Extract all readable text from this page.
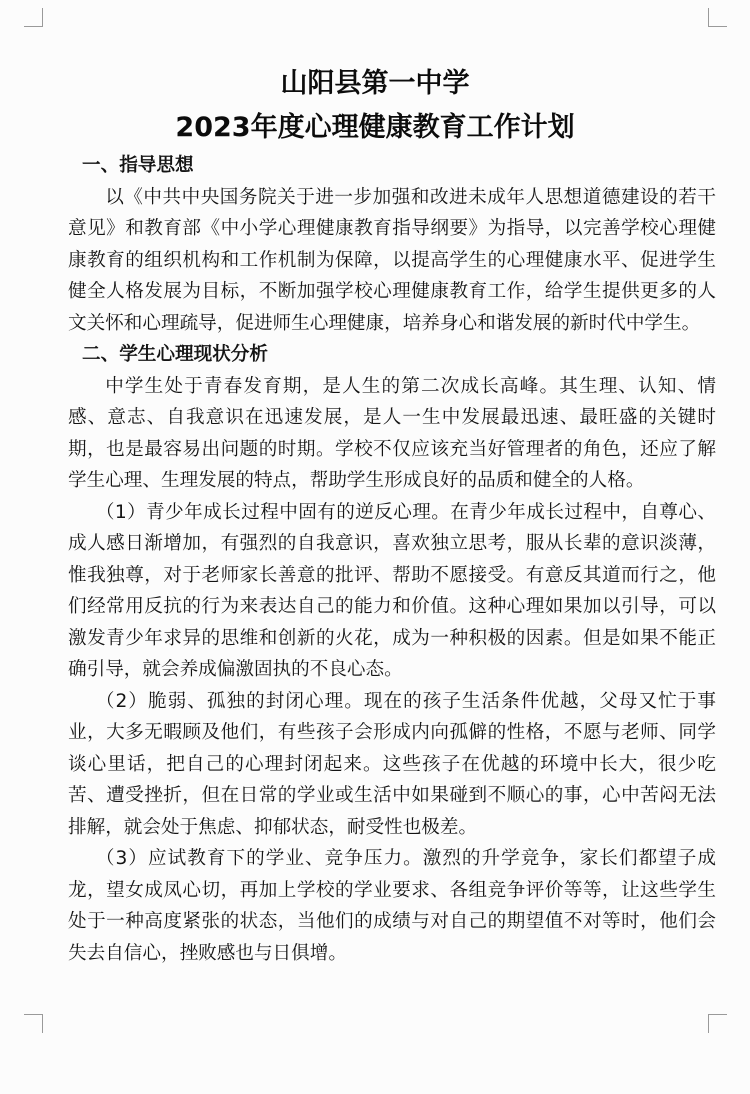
山阳县第一中学
2023年度心理健康教育工作计划

一、指导思想

以《中共中央国务院关于进一步加强和改进未成年人思想道德建设的若干意见》和教育部《中小学心理健康教育指导纲要》为指导，以完善学校心理健康教育的组织机构和工作机制为保障，以提高学生的心理健康水平、促进学生健全人格发展为目标，不断加强学校心理健康教育工作，给学生提供更多的人文关怀和心理疏导，促进师生心理健康，培养身心和谐发展的新时代中学生。

二、学生心理现状分析

中学生处于青春发育期，是人生的第二次成长高峰。其生理、认知、情感、意志、自我意识在迅速发展，是人一生中发展最迅速、最旺盛的关键时期，也是最容易出问题的时期。学校不仅应该充当好管理者的角色，还应了解学生心理、生理发展的特点，帮助学生形成良好的品质和健全的人格。

（1）青少年成长过程中固有的逆反心理。在青少年成长过程中，自尊心、成人感日渐增加，有强烈的自我意识，喜欢独立思考，服从长辈的意识淡薄，惟我独尊，对于老师家长善意的批评、帮助不愿接受。有意反其道而行之，他们经常用反抗的行为来表达自己的能力和价值。这种心理如果加以引导，可以激发青少年求异的思维和创新的火花，成为一种积极的因素。但是如果不能正确引导，就会养成偏激固执的不良心态。

（2）脆弱、孤独的封闭心理。现在的孩子生活条件优越，父母又忙于事业，大多无暇顾及他们，有些孩子会形成内向孤僻的性格，不愿与老师、同学谈心里话，把自己的心理封闭起来。这些孩子在优越的环境中长大，很少吃苦、遭受挫折，但在日常的学业或生活中如果碰到不顺心的事，心中苦闷无法排解，就会处于焦虑、抑郁状态，耐受性也极差。

（3）应试教育下的学业、竞争压力。激烈的升学竞争，家长们都望子成龙，望女成凤心切，再加上学校的学业要求、各组竞争评价等等，让这些学生处于一种高度紧张的状态，当他们的成绩与对自己的期望值不对等时，他们会失去自信心，挫败感也与日俱增。
